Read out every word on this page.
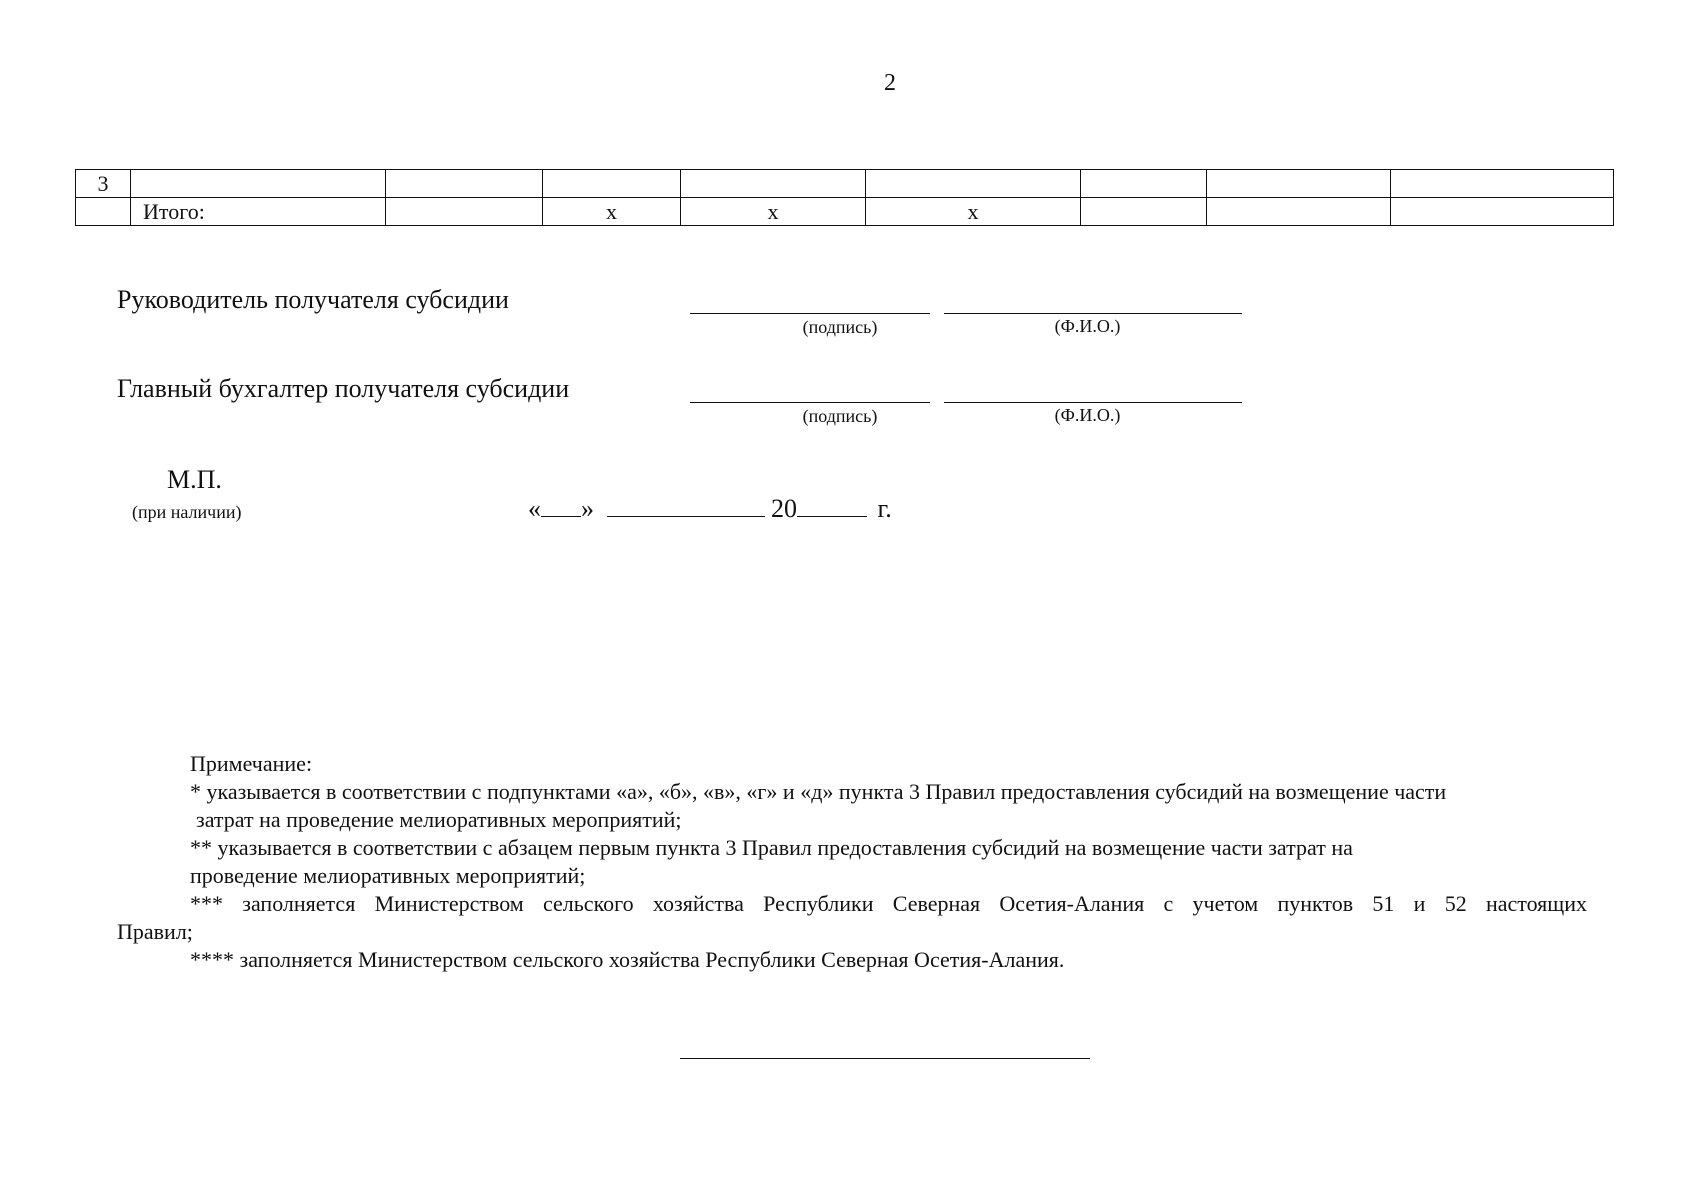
2
3								
	Итого:		х	х	х			
Руководитель получателя субсидии
(подпись)	(Ф.И.О.)
Главный бухгалтер получателя субсидии
(подпись)	(Ф.И.О.)
М.П.
(при наличии)	« »	20	г.

Примечание:

* указывается в соответствии с подпунктами «а», «б», «в», «г» и «д» пункта 3 Правил предоставления субсидий на возмещение части

затрат на проведение мелиоративных мероприятий;

** указывается в соответствии с абзацем первым пункта 3 Правил предоставления субсидий на возмещение части затрат на

проведение мелиоративных мероприятий;

*** заполняется Министерством сельского хозяйства Республики Северная Осетия-Алания с учетом пунктов 51 и 52 настоящих

Правил;

**** заполняется Министерством сельского хозяйства Республики Северная Осетия-Алания.
